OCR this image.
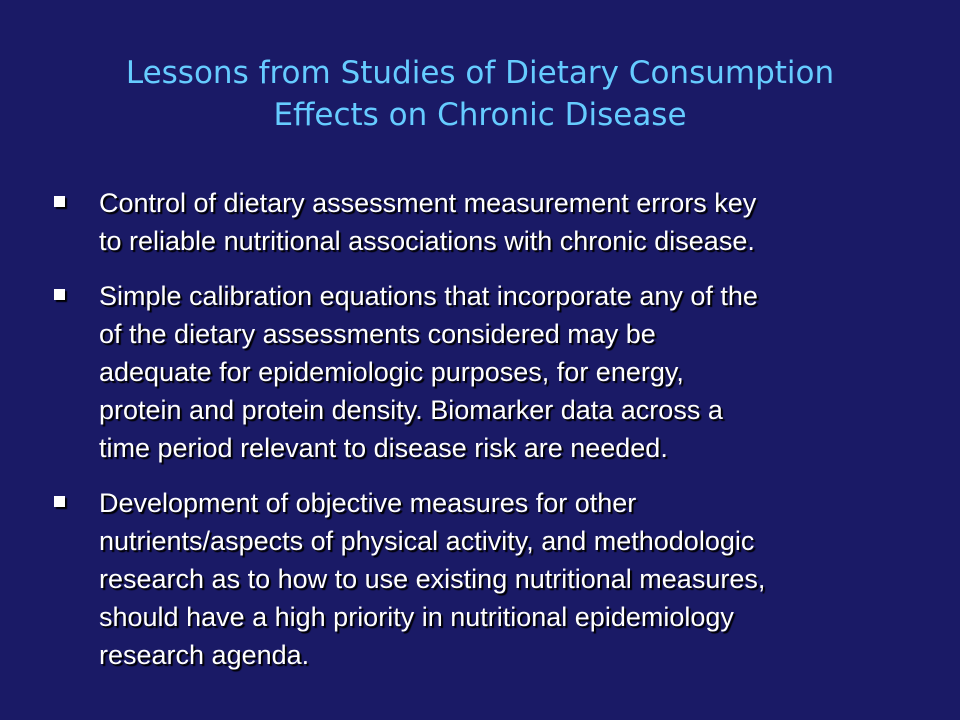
Lessons from Studies of Dietary Consumption
Effects on Chronic Disease
Control of dietary assessment measurement errors key
to reliable nutritional associations with chronic disease.
Simple calibration equations that incorporate any of the
of the dietary assessments considered may be
adequate for epidemiologic purposes, for energy,
protein and protein density. Biomarker data across a
time period relevant to disease risk are needed.
Development of objective measures for other
nutrients/aspects of physical activity, and methodologic
research as to how to use existing nutritional measures,
should have a high priority in nutritional epidemiology
research agenda.
